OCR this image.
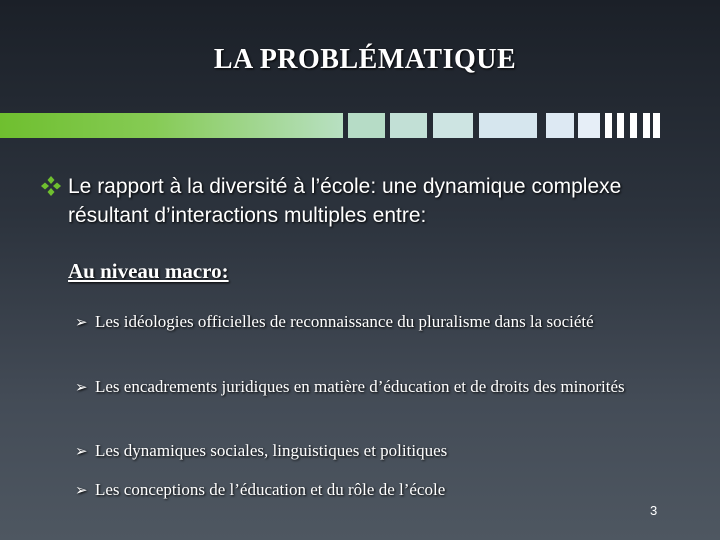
LA PROBLÉMATIQUE
Le rapport à la diversité à l’école: une dynamique complexe résultant d’interactions multiples entre:
Au niveau macro:
➢ Les idéologies officielles de reconnaissance du pluralisme dans la société
➢ Les encadrements juridiques en matière d’éducation et de droits des minorités
➢ Les dynamiques sociales, linguistiques et politiques
➢ Les conceptions de l’éducation et du rôle de l’école
3
